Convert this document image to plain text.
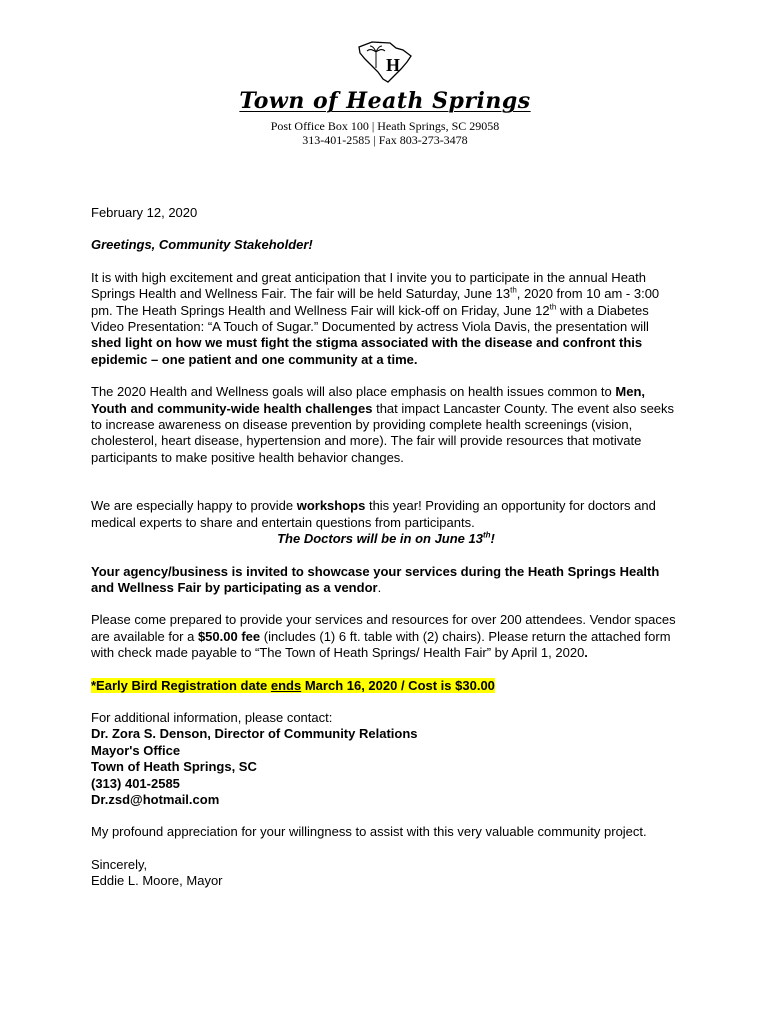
H
Town of Heath Springs
Post Office Box 100 | Heath Springs, SC 29058
313-401-2585 | Fax 803-273-3478

February 12, 2020

Greetings, Community Stakeholder!

It is with high excitement and great anticipation that I invite you to participate in the annual Heath Springs Health and Wellness Fair. The fair will be held Saturday, June 13th, 2020 from 10 am - 3:00 pm. The Heath Springs Health and Wellness Fair will kick-off on Friday, June 12th with a Diabetes Video Presentation: “A Touch of Sugar.” Documented by actress Viola Davis, the presentation will shed light on how we must fight the stigma associated with the disease and confront this epidemic – one patient and one community at a time.

The 2020 Health and Wellness goals will also place emphasis on health issues common to Men, Youth and community-wide health challenges that impact Lancaster County. The event also seeks to increase awareness on disease prevention by providing complete health screenings (vision, cholesterol, heart disease, hypertension and more). The fair will provide resources that motivate participants to make positive health behavior changes.

We are especially happy to provide workshops this year! Providing an opportunity for doctors and medical experts to share and entertain questions from participants.

The Doctors will be in on June 13th!

Your agency/business is invited to showcase your services during the Heath Springs Health and Wellness Fair by participating as a vendor.

Please come prepared to provide your services and resources for over 200 attendees. Vendor spaces are available for a $50.00 fee (includes (1) 6 ft. table with (2) chairs). Please return the attached form with check made payable to “The Town of Heath Springs/ Health Fair” by April 1, 2020.

*Early Bird Registration date ends March 16, 2020 / Cost is $30.00

For additional information, please contact:

Dr. Zora S. Denson, Director of Community Relations

Mayor's Office

Town of Heath Springs, SC

(313) 401-2585

Dr.zsd@hotmail.com

My profound appreciation for your willingness to assist with this very valuable community project.

Sincerely,

Eddie L. Moore, Mayor
